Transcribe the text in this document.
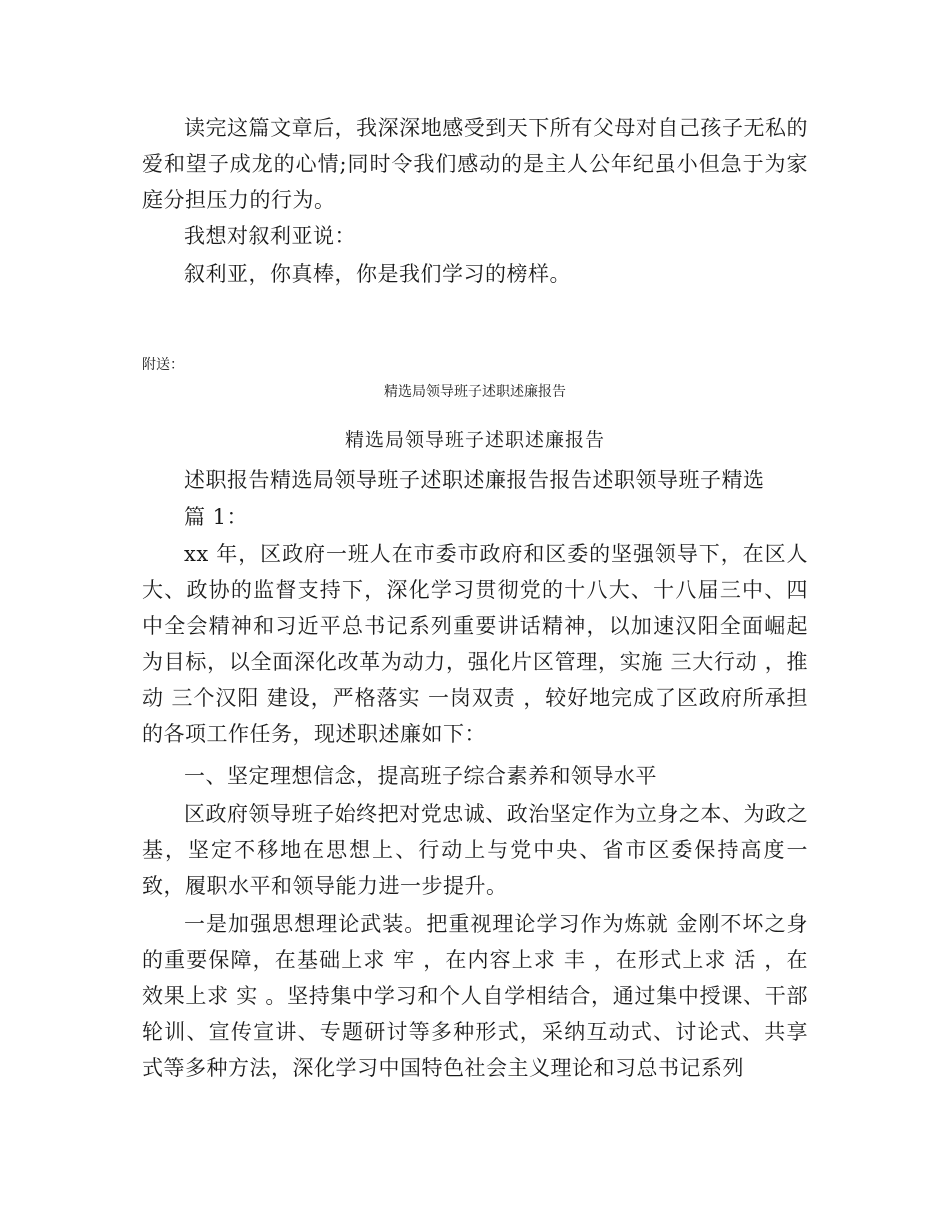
读完这篇文章后，我深深地感受到天下所有父母对自己孩子无私的爱和望子成龙的心情;同时令我们感动的是主人公年纪虽小但急于为家庭分担压力的行为。

我想对叙利亚说：

叙利亚，你真棒，你是我们学习的榜样。

附送：

精选局领导班子述职述廉报告

精选局领导班子述职述廉报告

述职报告精选局领导班子述职述廉报告报告述职领导班子精选

篇 1：

xx 年，区政府一班人在市委市政府和区委的坚强领导下，在区人大、政协的监督支持下，深化学习贯彻党的十八大、十八届三中、四中全会精神和习近平总书记系列重要讲话精神，以加速汉阳全面崛起为目标，以全面深化改革为动力，强化片区管理，实施 三大行动 ，推动 三个汉阳 建设，严格落实 一岗双责 ，较好地完成了区政府所承担的各项工作任务，现述职述廉如下：

一、坚定理想信念，提高班子综合素养和领导水平

区政府领导班子始终把对党忠诚、政治坚定作为立身之本、为政之基，坚定不移地在思想上、行动上与党中央、省市区委保持高度一致，履职水平和领导能力进一步提升。

一是加强思想理论武装。把重视理论学习作为炼就 金刚不坏之身的重要保障，在基础上求 牢 ，在内容上求 丰 ，在形式上求 活 ，在效果上求 实 。坚持集中学习和个人自学相结合，通过集中授课、干部轮训、宣传宣讲、专题研讨等多种形式，采纳互动式、讨论式、共享式等多种方法，深化学习中国特色社会主义理论和习总书记系列
